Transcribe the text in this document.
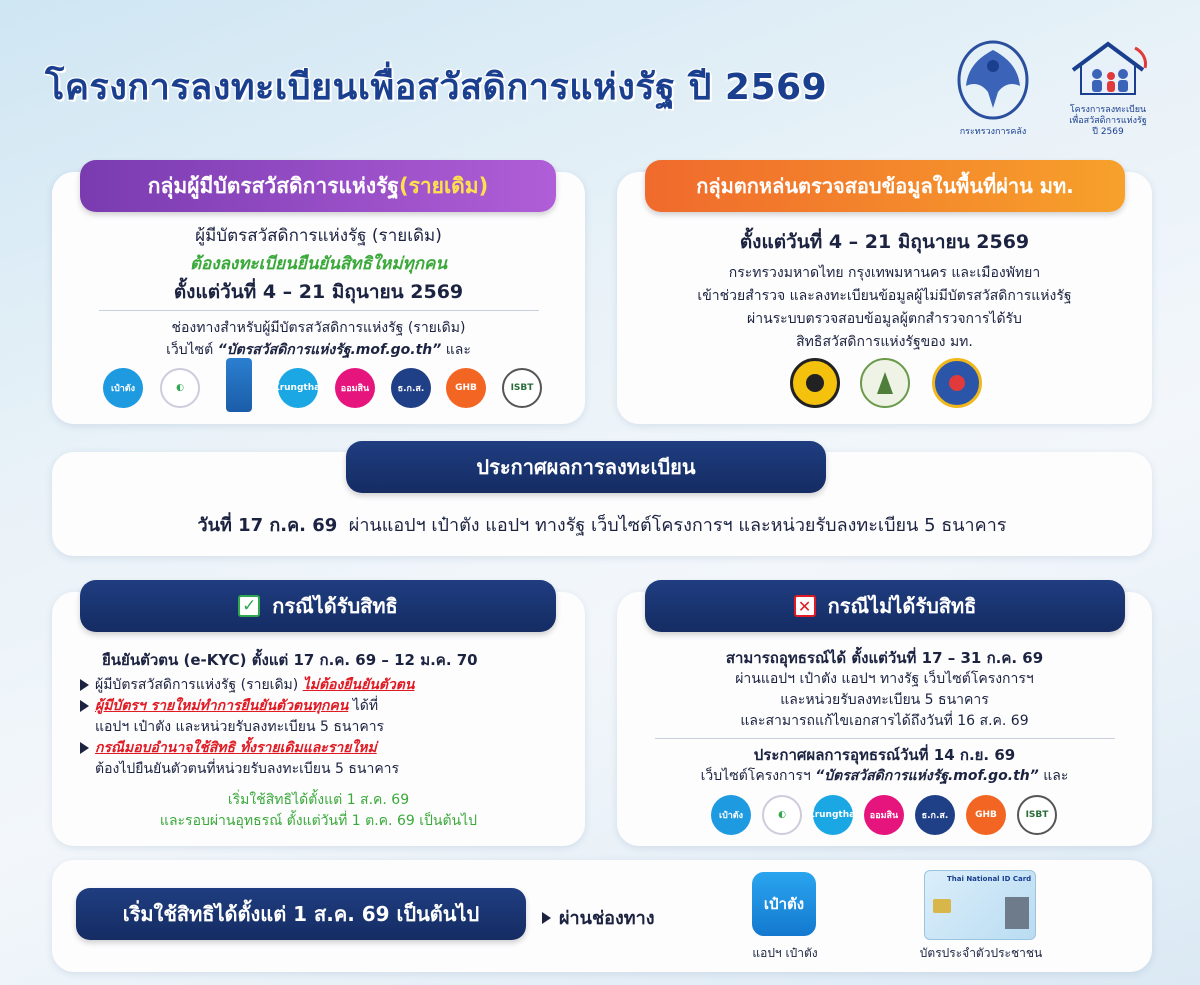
โครงการลงทะเบียนเพื่อสวัสดิการแห่งรัฐ ปี 2569
กระทรวงการคลัง
โครงการลงทะเบียน
เพื่อสวัสดิการแห่งรัฐ
ปี 2569
กลุ่มผู้มีบัตรสวัสดิการแห่งรัฐ (รายเดิม)
ผู้มีบัตรสวัสดิการแห่งรัฐ (รายเดิม)
ต้องลงทะเบียนยืนยันสิทธิใหม่ทุกคน
ตั้งแต่วันที่ 4 – 21 มิถุนายน 2569
ช่องทางสำหรับผู้มีบัตรสวัสดิการแห่งรัฐ (รายเดิม)
เว็บไซต์ “บัตรสวัสดิการแห่งรัฐ.mof.go.th” และ
เป๋าตัง	◐	Krungthai	ออมสิน	ธ.ก.ส.	GHB	ISBT
กลุ่มตกหล่นตรวจสอบข้อมูลในพื้นที่ผ่าน มท.
ตั้งแต่วันที่ 4 – 21 มิถุนายน 2569
กระทรวงมหาดไทย กรุงเทพมหานคร และเมืองพัทยา
เข้าช่วยสำรวจ และลงทะเบียนข้อมูลผู้ไม่มีบัตรสวัสดิการแห่งรัฐ
ผ่านระบบตรวจสอบข้อมูลผู้ตกสำรวจการได้รับ
สิทธิสวัสดิการแห่งรัฐของ มท.
ประกาศผลการลงทะเบียน
วันที่ 17 ก.ค. 69 ผ่านแอปฯ เป๋าตัง แอปฯ ทางรัฐ เว็บไซต์โครงการฯ และหน่วยรับลงทะเบียน 5 ธนาคาร
✓ กรณีได้รับสิทธิ
ยืนยันตัวตน (e-KYC) ตั้งแต่ 17 ก.ค. 69 – 12 ม.ค. 70
ผู้มีบัตรสวัสดิการแห่งรัฐ (รายเดิม) ไม่ต้องยืนยันตัวตน
ผู้มีบัตรฯ รายใหม่ทำการยืนยันตัวตนทุกคน ได้ที่
แอปฯ เป๋าตัง และหน่วยรับลงทะเบียน 5 ธนาคาร
กรณีมอบอำนาจใช้สิทธิ ทั้งรายเดิมและรายใหม่
ต้องไปยืนยันตัวตนที่หน่วยรับลงทะเบียน 5 ธนาคาร
เริ่มใช้สิทธิได้ตั้งแต่ 1 ส.ค. 69
และรอบผ่านอุทธรณ์ ตั้งแต่วันที่ 1 ต.ค. 69 เป็นต้นไป
✕ กรณีไม่ได้รับสิทธิ
สามารถอุทธรณ์ได้ ตั้งแต่วันที่ 17 – 31 ก.ค. 69
ผ่านแอปฯ เป๋าตัง แอปฯ ทางรัฐ เว็บไซต์โครงการฯ
และหน่วยรับลงทะเบียน 5 ธนาคาร
และสามารถแก้ไขเอกสารได้ถึงวันที่ 16 ส.ค. 69
ประกาศผลการอุทธรณ์วันที่ 14 ก.ย. 69
เว็บไซต์โครงการฯ “บัตรสวัสดิการแห่งรัฐ.mof.go.th” และ
เป๋าตัง	◐	Krungthai	ออมสิน	ธ.ก.ส.	GHB	ISBT
เริ่มใช้สิทธิได้ตั้งแต่ 1 ส.ค. 69 เป็นต้นไป	ผ่านช่องทาง
เป๋าตัง
แอปฯ เป๋าตัง
Thai National ID Card
บัตรประจำตัวประชาชน
